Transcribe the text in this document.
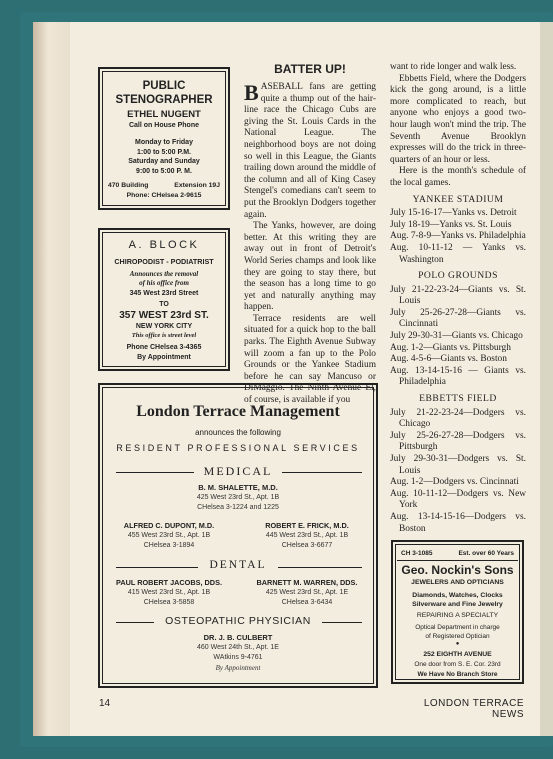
PUBLIC
STENOGRAPHER
ETHEL NUGENT
Call on House Phone
Monday to Friday
1:00 to 5:00 P.M.
Saturday and Sunday
9:00 to 5:00 P. M.
470 Building	Extension 19J
Phone: CHelsea 2-9615
A. BLOCK
CHIROPODIST - PODIATRIST
Announces the removal
of his office from
345 West 23rd Street
TO
357 WEST 23rd ST.
NEW YORK CITY
This office is street level
Phone CHelsea 3-4365
By Appointment
London Terrace Management
announces the following
RESIDENT PROFESSIONAL SERVICES
MEDICAL
B. M. SHALETTE, M.D.
425 West 23rd St., Apt. 1B
CHelsea 3-1224 and 1225
ALFRED C. DUPONT, M.D.
455 West 23rd St., Apt. 1B
CHelsea 3-1894
ROBERT E. FRICK, M.D.
445 West 23rd St., Apt. 1B
CHelsea 3-6677
DENTAL
PAUL ROBERT JACOBS, DDS.
415 West 23rd St., Apt. 1B
CHelsea 3-5858
BARNETT M. WARREN, DDS.
425 West 23rd St., Apt. 1E
CHelsea 3-6434
OSTEOPATHIC PHYSICIAN
DR. J. B. CULBERT
460 West 24th St., Apt. 1E
WAtkins 9-4761
By Appointment
BATTER UP!

BASEBALL fans are getting quite a thump out of the hair-line race the Chicago Cubs are giving the St. Louis Cards in the National League. The neighborhood boys are not doing so well in this League, the Giants trailing down around the middle of the column and all of King Casey Stengel's comedians can't seem to put the Brooklyn Dodgers together again.

The Yanks, however, are doing better. At this writing they are away out in front of Detroit's World Series champs and look like they are going to stay there, but the season has a long time to go yet and naturally anything may happen.

Terrace residents are well situated for a quick hop to the ball parks. The Eighth Avenue Subway will zoom a fan up to the Polo Grounds or the Yankee Stadium before he can say Mancuso or DiMaggio. The Ninth Avenue El, of course, is available if you

want to ride longer and walk less.

Ebbetts Field, where the Dodgers kick the gong around, is a little more complicated to reach, but anyone who enjoys a good two-hour laugh won't mind the trip. The Seventh Avenue Brooklyn expresses will do the trick in three-quarters of an hour or less.

Here is the month's schedule of the local games.

YANKEE STADIUM
July 15-16-17—Yanks vs. Detroit
July 18-19—Yanks vs. St. Louis
Aug. 7-8-9—Yanks vs. Philadelphia
Aug. 10-11-12 — Yanks vs. Washington
POLO GROUNDS
July 21-22-23-24—Giants vs. St. Louis
July 25-26-27-28—Giants vs. Cincinnati
July 29-30-31—Giants vs. Chicago
Aug. 1-2—Giants vs. Pittsburgh
Aug. 4-5-6—Giants vs. Boston
Aug. 13-14-15-16 — Giants vs. Philadelphia
EBBETTS FIELD
July 21-22-23-24—Dodgers vs. Chicago
July 25-26-27-28—Dodgers vs. Pittsburgh
July 29-30-31—Dodgers vs. St. Louis
Aug. 1-2—Dodgers vs. Cincinnati
Aug. 10-11-12—Dodgers vs. New York
Aug. 13-14-15-16—Dodgers vs. Boston
CH 3-1085	Est. over 60 Years
Geo. Nockin's Sons
JEWELERS AND OPTICIANS
Diamonds, Watches, Clocks
Silverware and Fine Jewelry
REPAIRING A SPECIALTY
Optical Department in charge
of Registered Optician
●
252 EIGHTH AVENUE
One door from S. E. Cor. 23rd
We Have No Branch Store
14	LONDON TERRACE NEWS
